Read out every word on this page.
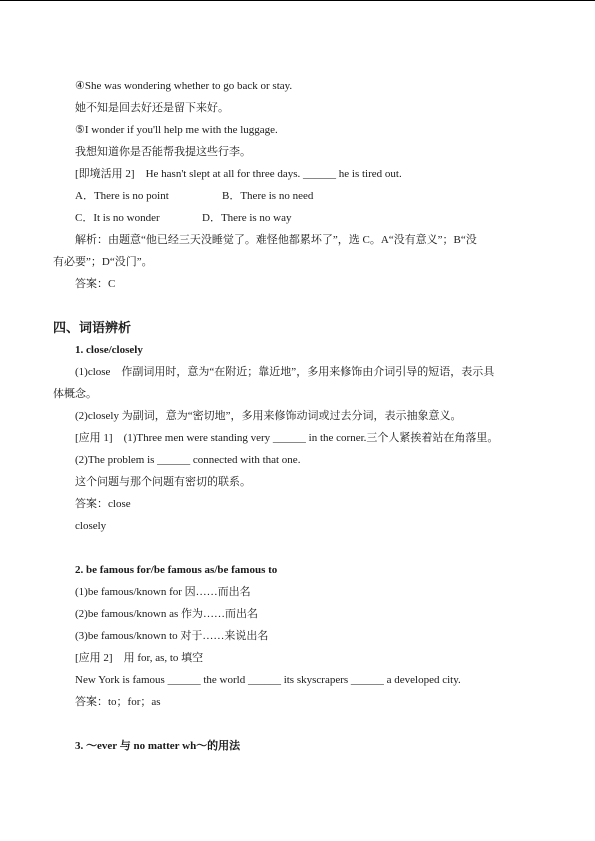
④She was wondering whether to go back or stay.
她不知是回去好还是留下来好。
⑤I wonder if you'll help me with the luggage.
我想知道你是否能帮我提这些行李。
[即境活用 2]　He hasn't slept at all for three days. ______ he is tired out.
A．There is no point	B．There is no need
C．It is no wonder	D．There is no way
解析：由题意“他已经三天没睡觉了。难怪他都累坏了”，选 C。A“没有意义”；B“没
有必要”；D“没门”。
答案：C
四、词语辨析
1. close/closely
(1)close　作副词用时，意为“在附近；靠近地”，多用来修饰由介词引导的短语，表示具
体概念。
(2)closely 为副词，意为“密切地”，多用来修饰动词或过去分词，表示抽象意义。
[应用 1]　(1)Three men were standing very ______ in the corner.三个人紧挨着站在角落里。
(2)The problem is ______ connected with that one.
这个问题与那个问题有密切的联系。
答案：close
closely
2. be famous for/be famous as/be famous to
(1)be famous/known for 因……而出名
(2)be famous/known as 作为……而出名
(3)be famous/known to 对于……来说出名
[应用 2]　用 for, as, to 填空
New York is famous ______ the world ______ its skyscrapers ______ a developed city.
答案：to；for；as
3. ～ever 与 no matter wh～的用法
